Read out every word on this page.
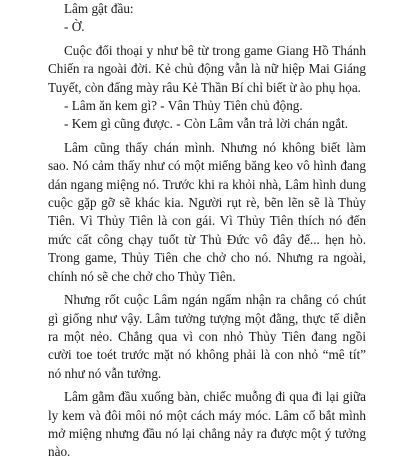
Lâm gật đầu:

- Ờ.

Cuộc đối thoại y như bê từ trong game Giang Hồ Thánh Chiến ra ngoài đời. Kẻ chủ động vẫn là nữ hiệp Mai Giáng Tuyết, còn đấng mày râu Kẻ Thần Bí chỉ biết ừ ào phụ họa.

- Lâm ăn kem gì? - Vân Thủy Tiên chủ động.

- Kem gì cũng được. - Còn Lâm vẫn trả lời chán ngắt.

Lâm cũng thấy chán mình. Nhưng nó không biết làm sao. Nó cảm thấy như có một miếng băng keo vô hình đang dán ngang miệng nó. Trước khi ra khỏi nhà, Lâm hình dung cuộc gặp gỡ sẽ khác kia. Người rụt rè, bẽn lẽn sẽ là Thủy Tiên. Vì Thủy Tiên là con gái. Vì Thủy Tiên thích nó đến mức cất công chạy tuốt từ Thủ Đức vô đây để... hẹn hò. Trong game, Thủy Tiên che chở cho nó. Nhưng ra ngoài, chính nó sẽ che chở cho Thủy Tiên.

Nhưng rốt cuộc Lâm ngán ngẩm nhận ra chẳng có chút gì giống như vậy. Lâm tưởng tượng một đằng, thực tế diễn ra một nẻo. Chẳng qua vì con nhỏ Thủy Tiên đang ngồi cười toe toét trước mặt nó không phải là con nhỏ “mê tít” nó như nó vẫn tưởng.

Lâm gằm đầu xuống bàn, chiếc muỗng đi qua đi lại giữa ly kem và đôi môi nó một cách máy móc. Lâm cố bắt mình mở miệng nhưng đầu nó lại chẳng nảy ra được một ý tưởng nào.
